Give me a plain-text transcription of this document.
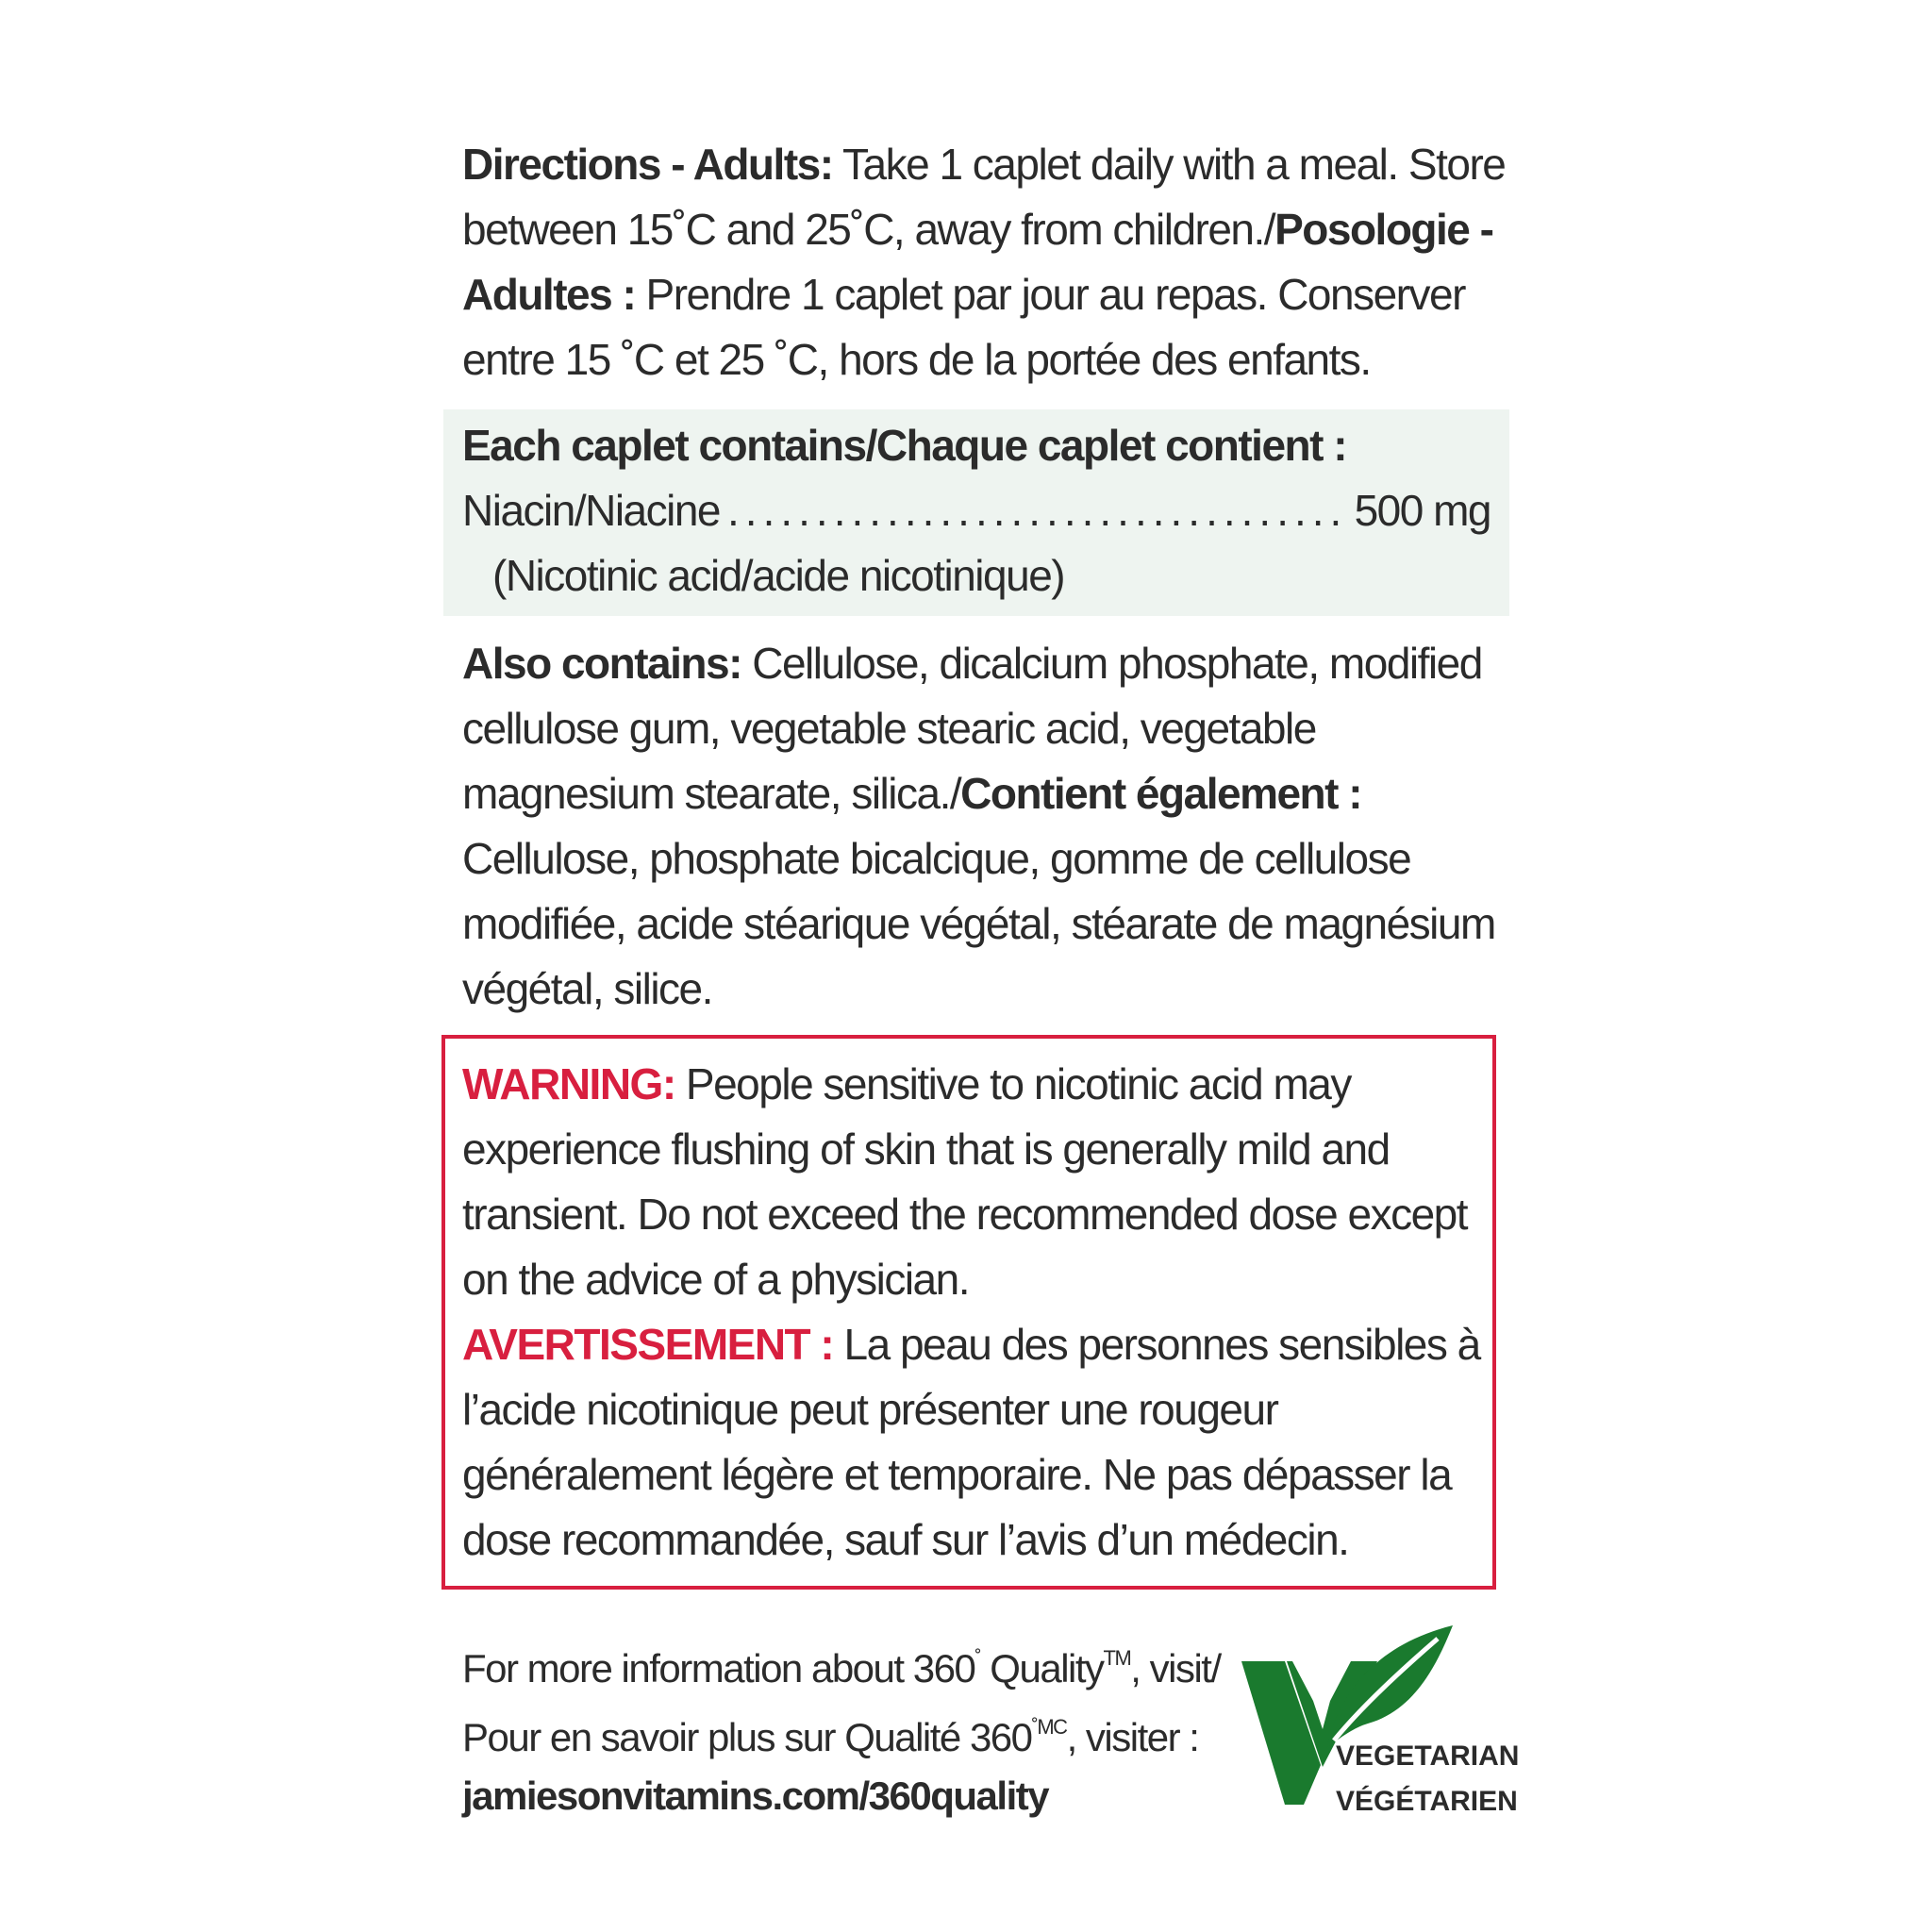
Directions - Adults: Take 1 caplet daily with a meal. Store between 15˚C and 25˚C, away from children./Posologie - Adultes : Prendre 1 caplet par jour au repas. Conserver entre 15 ˚C et 25 ˚C, hors de la portée des enfants.

Each caplet contains/Chaque caplet contient :

Niacin/Niacine
.....	500 mg
(Nicotinic acid/acide nicotinique)

Also contains: Cellulose, dicalcium phosphate, modified cellulose gum, vegetable stearic acid, vegetable magnesium stearate, silica./Contient également : Cellulose, phosphate bicalcique, gomme de cellulose modifiée, acide stéarique végétal, stéarate de magnésium végétal, silice.

WARNING: People sensitive to nicotinic acid may experience flushing of skin that is generally mild and transient. Do not exceed the recommended dose except on the advice of a physician.

AVERTISSEMENT : La peau des personnes sensibles à l’acide nicotinique peut présenter une rougeur généralement légère et temporaire. Ne pas dépasser la dose recommandée, sauf sur l’avis d’un médecin.

For more information about 360˚ Quality™, visit/
Pour en savoir plus sur Qualité $360^{˚MC}$, visiter :
jamiesonvitamins.com/360quality
VEGETARIAN
VÉGÉTARIEN
